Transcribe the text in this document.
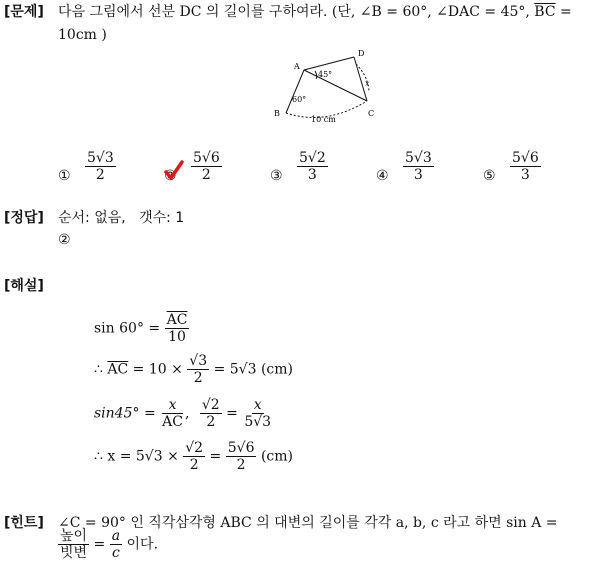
[문제] 다음 그림에서 선분 DC 의 길이를 구하여라. (단, ∠B = 60°, ∠DAC = 45°, $\overline{BC}$ =
10cm )
A
B	C
D
60°
45°
x
10 cm
① $\frac{5√3}{2}$	② $\frac{5√6}{2}$	③ $\frac{5√2}{3}$	④ $\frac{5√3}{3}$	⑤ $\frac{5√6}{3}$
[정답] 순서: 없음,   갯수: 1
②
[해설]
$\sin 60^\circ = \frac{\overline{AC}}{10}$
∴ $\overline{AC} = 10 \times \frac{√3}{2} = 5√3$ (cm)
$\sin 45^\circ = \frac{x}{AC}$ , $\frac{√2}{2} = \frac{x}{5√3}$
∴ $x = 5√3 \times \frac{√2}{2} = \frac{5√6}{2} (cm)$
[힌트] ∠C = 90° 인 직각삼각형 ABC 의 대변의 길이를 각각 a, b, c 라고 하면 sin A =
$\frac{\text{높이}}{\text{빗변}} = \frac{a}{c}$ 이다.
